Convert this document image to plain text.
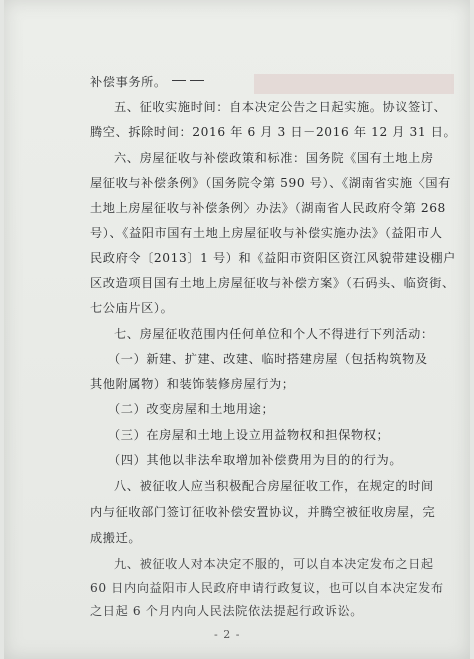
补偿事务所。
五、征收实施时间：自本决定公告之日起实施。协议签订、
腾空、拆除时间：2016 年 6 月 3 日－2016 年 12 月 31 日。
六、房屋征收与补偿政策和标准：国务院《国有土地上房
屋征收与补偿条例》（国务院令第 590 号）、《湖南省实施〈国有
土地上房屋征收与补偿条例〉办法》（湖南省人民政府令第 268
号）、《益阳市国有土地上房屋征收与补偿实施办法》（益阳市人
民政府令〔2013〕1 号）和《益阳市资阳区资江风貌带建设棚户
区改造项目国有土地上房屋征收与补偿方案》（石码头、临资街、
七公庙片区）。
七、房屋征收范围内任何单位和个人不得进行下列活动：
（一）新建、扩建、改建、临时搭建房屋（包括构筑物及
其他附属物）和装饰装修房屋行为；
（二）改变房屋和土地用途；
（三）在房屋和土地上设立用益物权和担保物权；
（四）其他以非法牟取增加补偿费用为目的的行为。
八、被征收人应当积极配合房屋征收工作，在规定的时间
内与征收部门签订征收补偿安置协议，并腾空被征收房屋，完
成搬迁。
九、被征收人对本决定不服的，可以自本决定发布之日起
60 日内向益阳市人民政府申请行政复议，也可以自本决定发布
之日起 6 个月内向人民法院依法提起行政诉讼。
- 2 -
